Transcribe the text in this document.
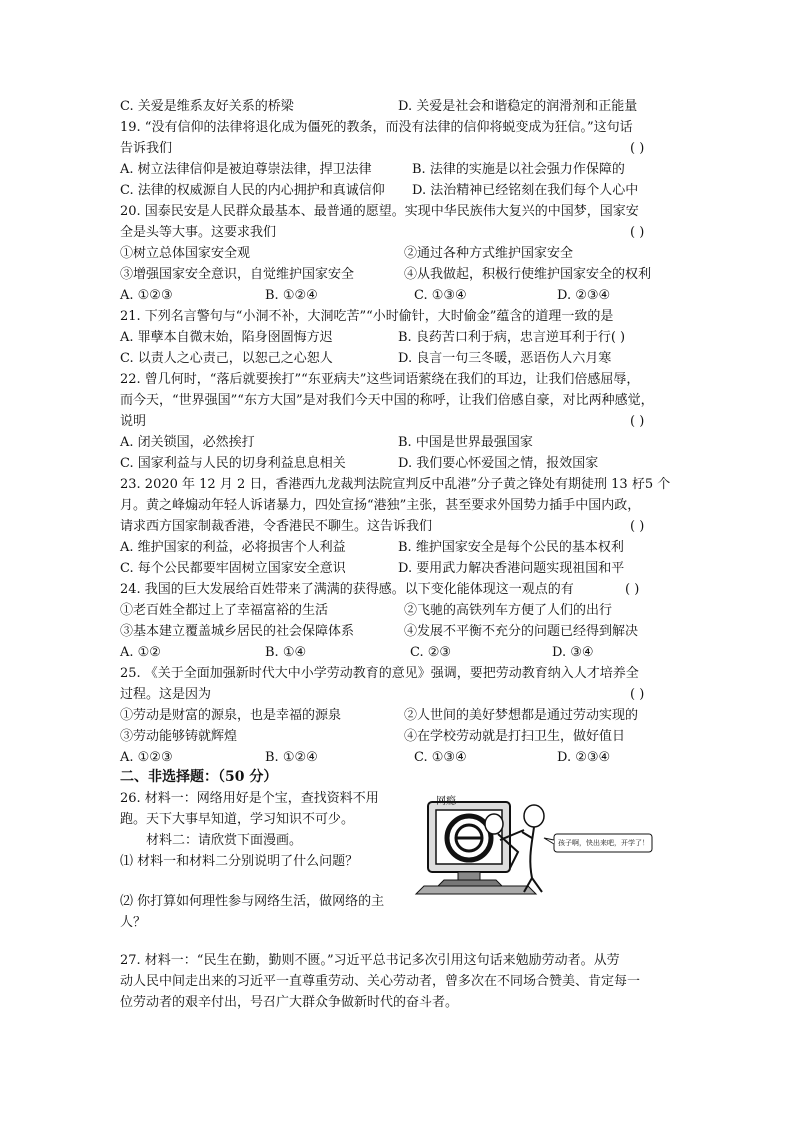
C. 关爱是维系友好关系的桥梁	D. 关爱是社会和谐稳定的润滑剂和正能量
19. “没有信仰的法律将退化成为僵死的教条，而没有法律的信仰将蜕变成为狂信。”这句话
告诉我们	( )
A. 树立法律信仰是被迫尊崇法律，捍卫法律	B. 法律的实施是以社会强力作保障的
C. 法律的权威源自人民的内心拥护和真诚信仰 D. 法治精神已经铭刻在我们每个人心中
20. 国泰民安是人民群众最基本、最普通的愿望。实现中华民族伟大复兴的中国梦，国家安
全是头等大事。这要求我们	( )
①树立总体国家安全观	②通过各种方式维护国家安全
③增强国家安全意识，自觉维护国家安全	④从我做起，积极行使维护国家安全的权利
A. ①②③	B. ①②④	C. ①③④	D. ②③④
21. 下列名言警句与“小洞不补，大洞吃苦”“小时偷针，大时偷金”蕴含的道理一致的是
A. 罪孽本自微末始，陷身囹圄悔方迟	B. 良药苦口利于病，忠言逆耳利于行( )
C. 以责人之心责己，以恕己之心恕人	D. 良言一句三冬暖，恶语伤人六月寒
22. 曾几何时，“落后就要挨打”“东亚病夫”这些词语萦绕在我们的耳边，让我们倍感屈辱，
而今天，“世界强国”“东方大国”是对我们今天中国的称呼，让我们倍感自豪，对比两种感觉，
说明	( )
A. 闭关锁国，必然挨打	B. 中国是世界最强国家
C. 国家利益与人民的切身利益息息相关	D. 我们要心怀爱国之情，报效国家
23. 2020 年 12 月 2 日，香港西九龙裁判法院宣判反中乱港”分子黄之锋处有期徒刑 13 杍5 个
月。黄之峰煽动年轻人诉诸暴力，四处宣扬“港独”主张，甚至要求外国势力插手中国内政，
请求西方国家制裁香港，令香港民不聊生。这告诉我们	( )
A. 维护国家的利益，必将损害个人利益	B. 维护国家安全是每个公民的基本权利
C. 每个公民都要牢固树立国家安全意识	D. 要用武力解决香港问题实现祖国和平
24. 我国的巨大发展给百姓带来了满满的获得感。以下变化能体现这一观点的有	( )
①老百姓全都过上了幸福富裕的生活	②飞驰的高铁列车方便了人们的出行
③基本建立覆盖城乡居民的社会保障体系	④发展不平衡不充分的问题已经得到解决
A. ①②	B. ①④	C. ②③	D. ③④
25. 《关于全面加强新时代大中小学劳动教育的意见》强调，要把劳动教育纳入人才培养全
过程。这是因为	( )
①劳动是财富的源泉，也是幸福的源泉	②人世间的美好梦想都是通过劳动实现的
③劳动能够铸就辉煌	④在学校劳动就是打扫卫生，做好值日
A. ①②③	B. ①②④	C. ①③④	D. ②③④
二、非选择题：（50 分）
26. 材料一：网络用好是个宝，查找资料不用
跑。天下大事早知道，学习知识不可少。
材料二：请欣赏下面漫画。
⑴ 材料一和材料二分别说明了什么问题？
⑵ 你打算如何理性参与网络生活，做网络的主
人？
网瘾
孩子啊，快出来吧，开学了！
27. 材料一：“民生在勤，勤则不匮。”习近平总书记多次引用这句话来勉励劳动者。从劳
动人民中间走出来的习近平一直尊重劳动、关心劳动者，曾多次在不同场合赞美、肯定每一
位劳动者的艰辛付出，号召广大群众争做新时代的奋斗者。
